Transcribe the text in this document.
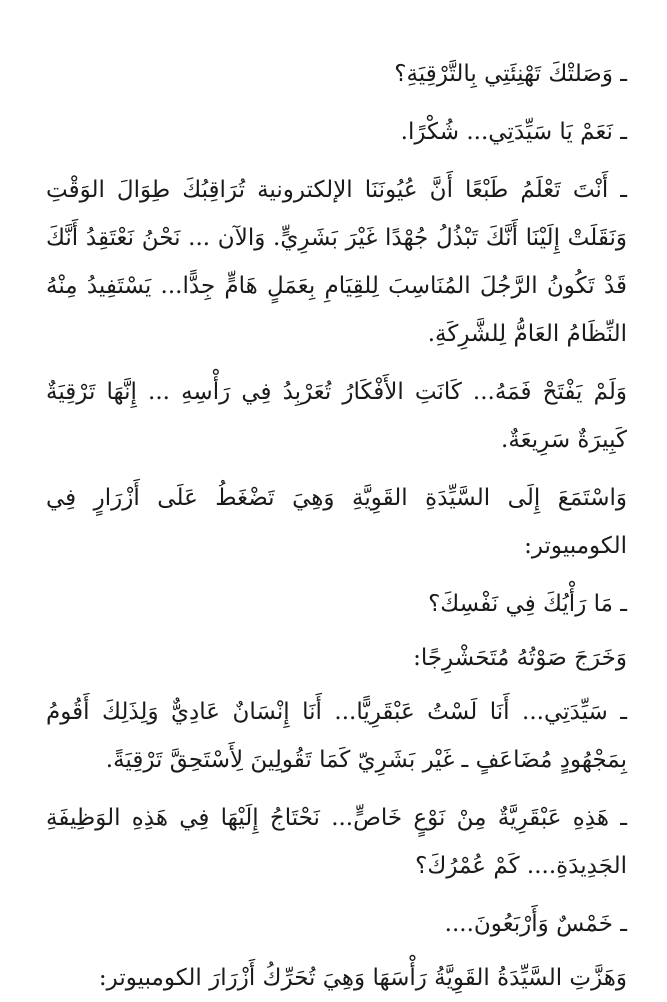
ـ وَصَلتْكَ تَهْنِئَتِي بِالتَّرْقِيَةِ؟

ـ نَعَمْ يَا سَيِّدَتِي... شُكْرًا.

ـ أَنْتَ تَعْلَمُ طَبْعًا أَنَّ عُيُونَنَا الإلكترونية تُرَاقِبُكَ طِوَالَ الوَقْتِ وَنَقَلَتْ إِلَيْنَا أَنَّكَ تَبْذُلُ جُهْدًا غَيْرَ بَشَرِيٍّ. وَالآن ... نَحْنُ نَعْتَقِدُ أَنَّكَ قَدْ تَكُونُ الرَّجُلَ المُنَاسِبَ لِلقِيَامِ بِعَمَلٍ هَامٍّ جِدًّا... يَسْتَفِيدُ مِنْهُ النِّظَامُ العَامُّ لِلشَّرِكَةِ.

وَلَمْ يَفْتَحْ فَمَهُ... كَانَتِ الأَفْكَارُ تُعَرْبِدُ فِي رَأْسِهِ ... إِنَّهَا تَرْقِيَةٌ كَبِيرَةٌ سَرِيعَةٌ.

وَاسْتَمَعَ إِلَى السَّيِّدَةِ القَوِيَّةِ وَهِيَ تَضْغَطُ عَلَى أَزْرَارٍ فِي الكومبيوتر:

ـ مَا رَأْيُكَ فِي نَفْسِكَ؟

وَخَرَجَ صَوْتُهُ مُتَحَشْرِجًا:

ـ سَيِّدَتِي... أَنَا لَسْتُ عَبْقَرِيًّا... أَنَا إِنْسَانٌ عَادِيٌّ وَلِذَلِكَ أَقُومُ بِمَجْهُودٍ مُضَاعَفٍ ـ غَيْر بَشَرِيّ كَمَا تَقُولِينَ لِأَسْتَحِقَّ تَرْقِيَةً.

ـ هَذِهِ عَبْقَرِيَّةٌ مِنْ نَوْعٍ خَاصٍّ... نَحْتَاجُ إِلَيْهَا فِي هَذِهِ الوَظِيفَةِ الجَدِيدَةِ.... كَمْ عُمْرُكَ؟

ـ خَمْسٌ وَأَرْبَعُونَ....

وَهَزَّتِ السَّيِّدَةُ القَوِيَّةُ رَأْسَهَا وَهِيَ تُحَرِّكُ أَزْرَارَ الكومبيوتر:
